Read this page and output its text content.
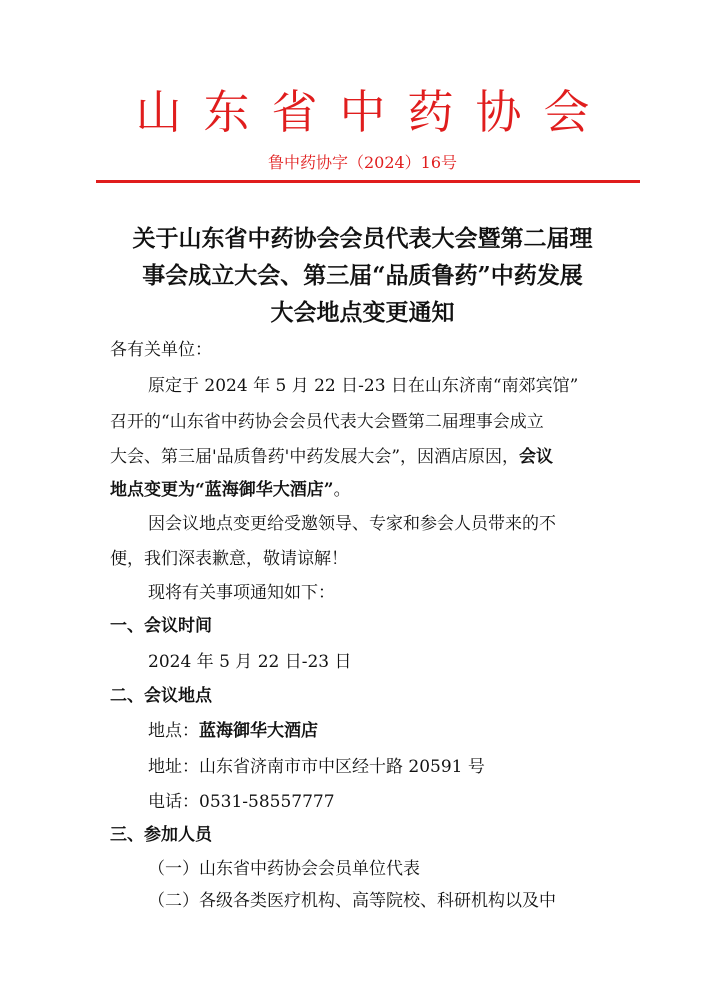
山东省中药协会
鲁中药协字（2024）16号
关于山东省中药协会会员代表大会暨第二届理
事会成立大会、第三届“品质鲁药”中药发展
大会地点变更通知
各有关单位：
原定于 2024 年 5 月 22 日-23 日在山东济南“南郊宾馆”
召开的“山东省中药协会会员代表大会暨第二届理事会成立
大会、第三届'品质鲁药'中药发展大会”，因酒店原因，会议
地点变更为“蓝海御华大酒店”。
因会议地点变更给受邀领导、专家和参会人员带来的不
便，我们深表歉意，敬请谅解！
现将有关事项通知如下：
一、会议时间
2024 年 5 月 22 日-23 日
二、会议地点
地点：蓝海御华大酒店
地址：山东省济南市市中区经十路 20591 号
电话：0531-58557777
三、参加人员
（一）山东省中药协会会员单位代表
（二）各级各类医疗机构、高等院校、科研机构以及中
